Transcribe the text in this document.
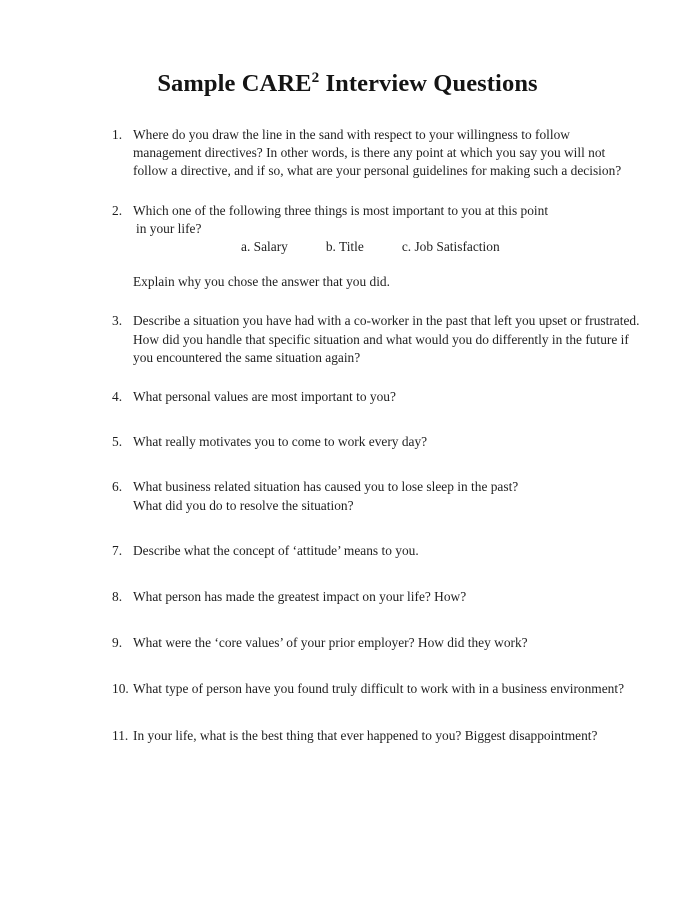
Sample CARE$^2$ Interview Questions
1. Where do you draw the line in the sand with respect to your willingness to follow management directives? In other words, is there any point at which you say you will not follow a directive, and if so, what are your personal guidelines for making such a decision?

2. Which one of the following three things is most important to you at this point

in your life?

a. Salary	b. Title	c. Job Satisfaction

Explain why you chose the answer that you did.

3. Describe a situation you have had with a co-worker in the past that left you upset or frustrated. How did you handle that specific situation and what would you do differently in the future if you encountered the same situation again?

4. What personal values are most important to you?

5. What really motivates you to come to work every day?

6. What business related situation has caused you to lose sleep in the past?

What did you do to resolve the situation?

7. Describe what the concept of ‘attitude’ means to you.

8. What person has made the greatest impact on your life? How?

9. What were the ‘core values’ of your prior employer? How did they work?

10. What type of person have you found truly difficult to work with in a business environment?

11. In your life, what is the best thing that ever happened to you? Biggest disappointment?
